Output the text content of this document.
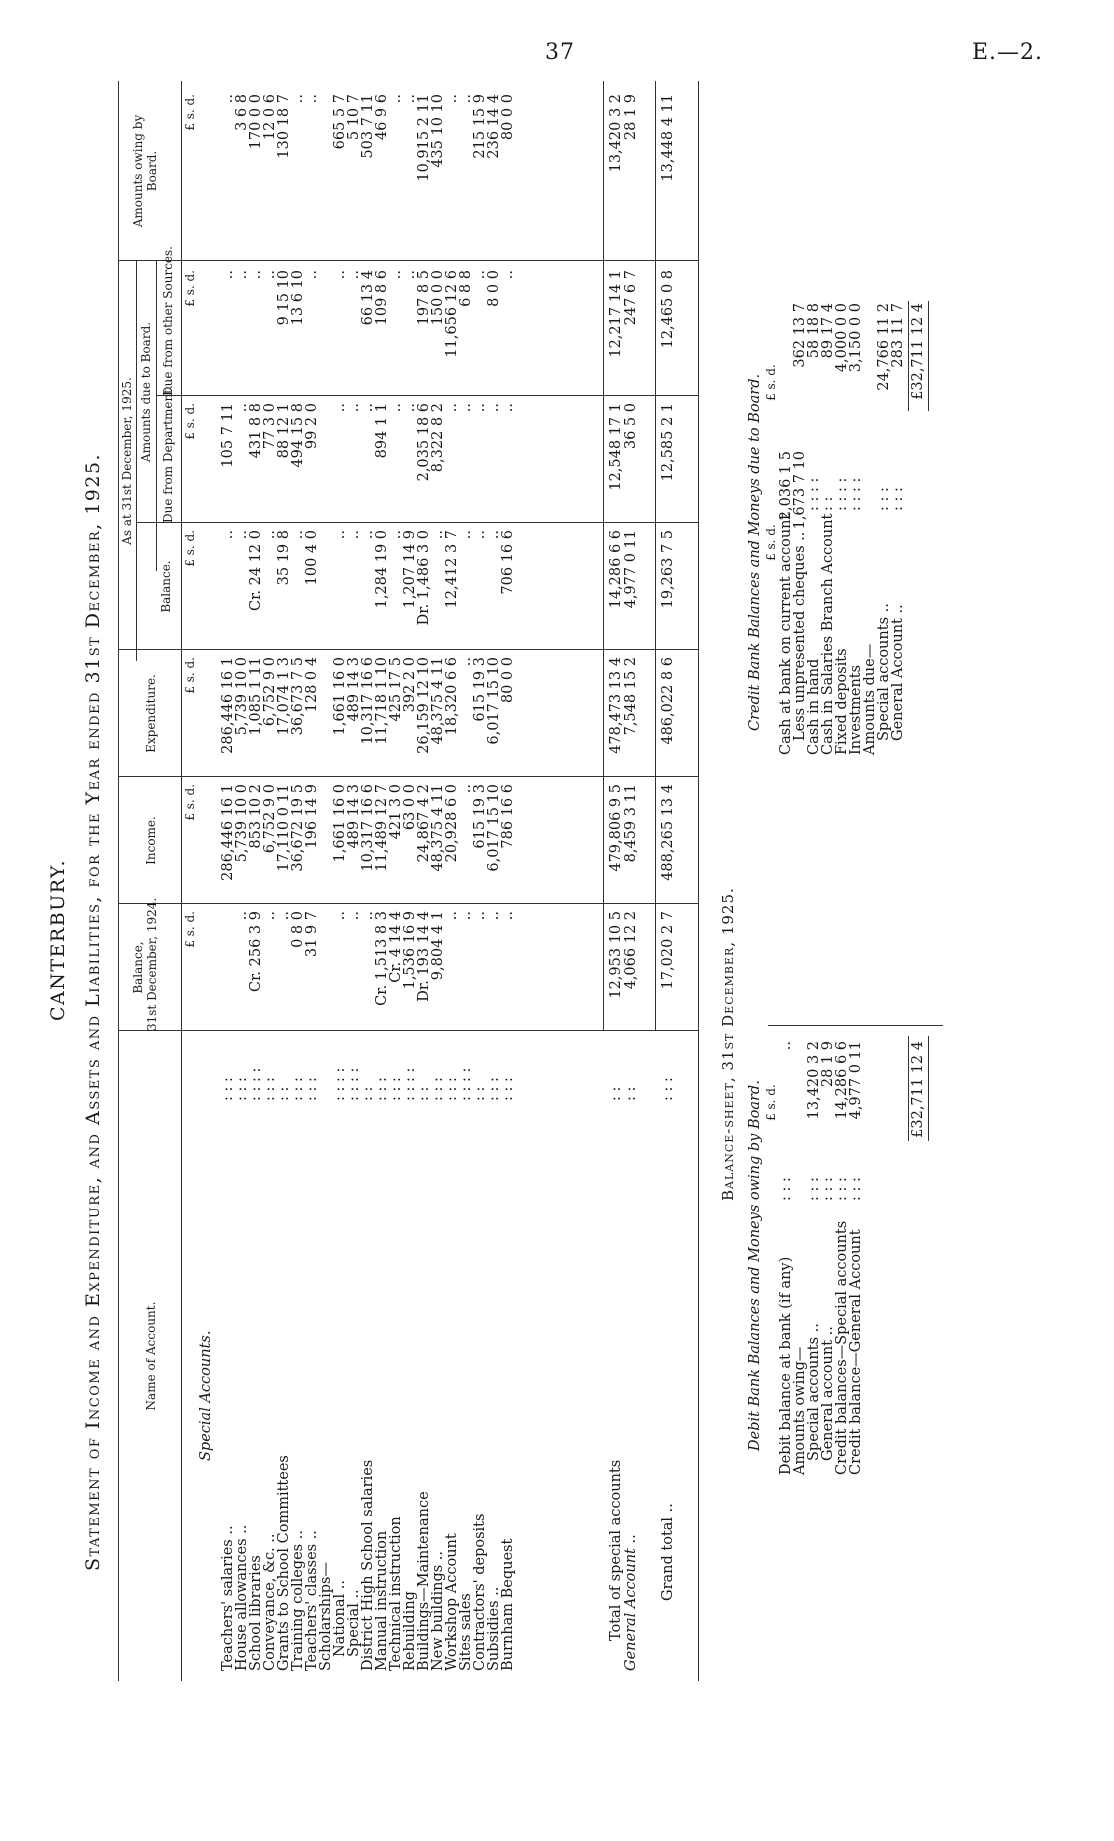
37	E.—2.
CANTERBURY. Statement of Income and Expenditure, and Assets and Liabilities, for the Year ended 31st December, 1925.	Name of Account.
Balance, 31st December, 1924.
Income.
Expenditure.
As at 31st December, 1925.
Balance.
Amounts due to Board. Due from Department.
Due from other Sources.
Amounts owing by Board.
£ s. d.
£ s. d.
£ s. d.
£ s. d.
£ s. d.
£ s. d.
£ s. d.
Special Accounts.
Teachers' salaries ..
: : :
286,446 16 1
286,446 16 1
..
105 7 11
..
..
House allowances ..
: : :
..
5,739 10 0
5,739 10 0
..
..
..
3 6 8
School libraries
: : : :
Cr. 256 3 9
853 10 2
1,085 1 11
Cr. 24 12 0
431 8 8
..
170 0 0
Conveyance, &c. ..
: : :
..
6,752 9 0
6,752 9 0
..
77 3 0
..
12 0 6
Grants to School Committees
: :
..
17,110 0 11
17,074 1 3
35 19 8
88 12 1
9 15 10
130 18 7
Training colleges ..
: : :
0 8 0
36,672 19 5
36,673 7 5
..
494 15 8
13 6 10
..
Teachers' classes ..
: : :
31 9 7
196 14 9
128 0 4
100 4 0
99 2 0
..
..
Scholarships—
National ..
: : : :
..
1,661 16 0
1,661 16 0
..
..
..
665 5 7
Special ..
: : : :
..
489 14 3
489 14 3
..
..
..
5 10 7
District High School salaries
: :
..
10,317 16 6
10,317 16 6
..
..
66 13 4
503 7 11
Manual instruction
: : :
Cr. 1,513 8 3
11,489 12 7
11,718 1 10
1,284 19 0
894 1 1
109 8 6
46 9 6
Technical instruction
: : :
Cr. 4 14 4
421 3 0
425 17 5
..
..
..
..
Rebuilding
: : : :
1,536 16 9
63 0 0
392 2 0
1,207 14 9
..
..
..
Buildings—Maintenance
: :
Dr. 193 14 4
24,867 4 2
26,159 12 10
Dr. 1,486 3 0
2,035 18 6
197 8 5
10,915 2 11
New buildings ..
: : :
9,804 4 1
48,375 4 11
48,375 4 11
..
8,322 8 2
150 0 0
435 10 10
Workshop Account
: : :
..
20,928 6 0
18,320 6 6
12,412 3 7
..
11,656 12 6
..
Sites sales
: : : :
..
..
..
..
..
6 8 8
..
Contractors' deposits
: :
..
615 19 3
615 19 3
..
..
..
215 15 9
Subsidies ..
: : :
..
6,017 15 10
6,017 15 10
..
..
8 0 0
236 14 4
Burnham Bequest
: : :
..
786 16 6
80 0 0
706 16 6
..
..
80 0 0
Total of special accounts
: :
12,953 10 5
479,806 9 5
478,473 13 4
14,286 6 6
12,548 17 1
12,217 14 1
13,420 3 2
General Account ..
: :
4,066 12 2
8,459 3 11
7,548 15 2
4,977 0 11
36 5 0
247 6 7
28 1 9
Grand total ..
: : :
17,020 2 7
488,265 13 4
486,022 8 6
19,263 7 5
12,585 2 1
12,465 0 8
13,448 4 11
Balance-sheet, 31st December, 1925.
Debit Bank Balances and Moneys owing by Board.
Credit Bank Balances and Moneys due to Board.
£ s. d.
£ s. d.
£ s. d.
Debit balance at bank (if any)
: : :
..
Amounts owing—
Special accounts ..
: : :
13,420 3 2
General account ..
: : :
28 1 9
Credit balances—Special accounts
: : :
14,286 6 6
Credit balance—General Account
: : :
4,977 0 11
Cash at bank on current account
2,036 1 5
Less unpresented cheques ..
1,673 7 10
362 13 7
Cash in hand
: : : :
58 18 8
Cash in Salaries Branch Account
: :
89 17 4
Fixed deposits
: : : :
4,000 0 0
Investments
: : : :
3,150 0 0
Amounts due—
Special accounts ..
: : :
24,766 11 2
General Account ..
: : :
283 11 7
£32,711 12 4
£32,711 12 4
